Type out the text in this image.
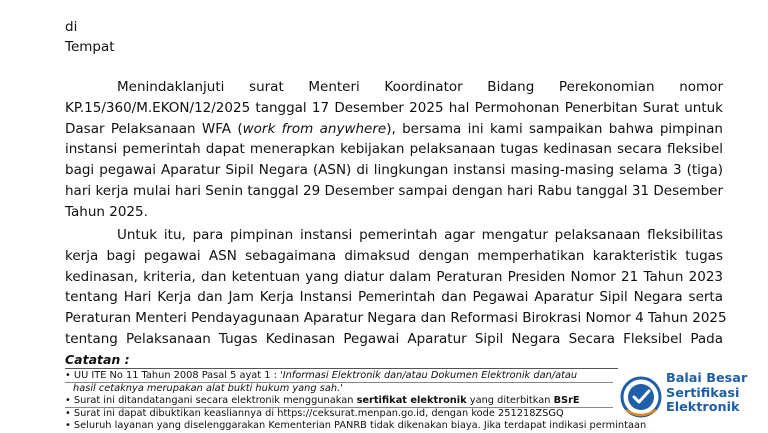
di
Tempat
Menindaklanjuti surat Menteri Koordinator Bidang Perekonomian nomor
KP.15/360/M.EKON/12/2025 tanggal 17 Desember 2025 hal Permohonan Penerbitan Surat untuk
Dasar Pelaksanaan WFA (work from anywhere), bersama ini kami sampaikan bahwa pimpinan
instansi pemerintah dapat menerapkan kebijakan pelaksanaan tugas kedinasan secara fleksibel
bagi pegawai Aparatur Sipil Negara (ASN) di lingkungan instansi masing-masing selama 3 (tiga)
hari kerja mulai hari Senin tanggal 29 Desember sampai dengan hari Rabu tanggal 31 Desember
Tahun 2025.
Untuk itu, para pimpinan instansi pemerintah agar mengatur pelaksanaan fleksibilitas
kerja bagi pegawai ASN sebagaimana dimaksud dengan memperhatikan karakteristik tugas
kedinasan, kriteria, dan ketentuan yang diatur dalam Peraturan Presiden Nomor 21 Tahun 2023
tentang Hari Kerja dan Jam Kerja Instansi Pemerintah dan Pegawai Aparatur Sipil Negara serta
Peraturan Menteri Pendayagunaan Aparatur Negara dan Reformasi Birokrasi Nomor 4 Tahun 2025
tentang Pelaksanaan Tugas Kedinasan Pegawai Aparatur Sipil Negara Secara Fleksibel Pada
Catatan :
• UU ITE No 11 Tahun 2008 Pasal 5 ayat 1 : 'Informasi Elektronik dan/atau Dokumen Elektronik dan/atau
hasil cetaknya merupakan alat bukti hukum yang sah.'
• Surat ini ditandatangani secara elektronik menggunakan sertifikat elektronik yang diterbitkan BSrE
• Surat ini dapat dibuktikan keasliannya di https://ceksurat.menpan.go.id, dengan kode 251218ZSGQ
• Seluruh layanan yang diselenggarakan Kementerian PANRB tidak dikenakan biaya. Jika terdapat indikasi permintaan
Balai Besar
Sertifikasi
Elektronik
